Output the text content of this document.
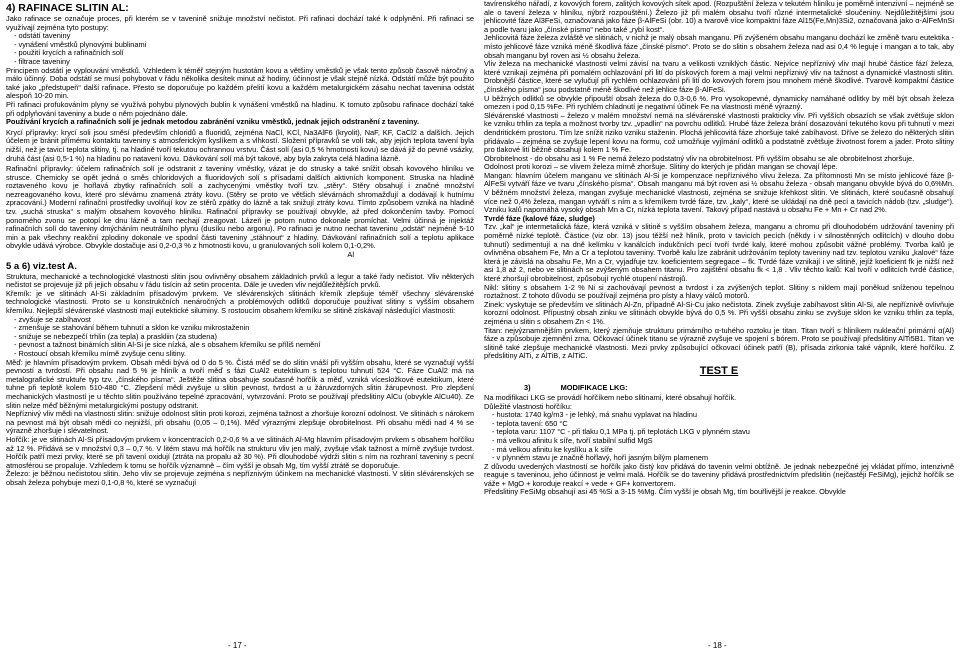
4) RAFINACE SLITIN AL:

Jako rafinace se označuje proces, při kterém se v tavenině snižuje množství nečistot. Při rafinaci dochází také k odplynění. Při rafinaci se využívají zejména tyto postupy:

- odstátí taveniny
- vynášení vměstků plynovými bublinami
- použití krycích a rafinačních solí
- filtrace taveniny

Principem odstátí je vyplouvání vměstků. Vzhledem k téměř stejným hustotám kovu a většiny vměstků je však tento způsob časově náročný a málo účinný. Doba odstátí se musí pohybovat v řádu několika desítek minut až hodiny, účinnost je však stejně nízká. Odstátí může být použito také jako „předstupeň“ další rafinace. Přesto se doporučuje po každém přelití kovu a každém metalurgickém zásahu nechat tavenina odstát alespoň 10-20 min.

Při rafinaci profukováním plyny se využívá pohybu plynových bublin k vynášení vměstků na hladinu. K tomuto způsobu rafinace dochází také při odplyňování taveniny a bude o něm pojednáno dále.

Používání krycích a rafinačních solí je jednak metodou zabránění vzniku vměstků, jednak jejich odstranění z taveniny.

Krycí přípravky: krycí soli jsou směsí především chloridů a fluoridů, zejména NaCl, KCl, Na3AlF6 (kryolit), NaF, KF, CaCl2 a dalších. Jejich účelem je bránit přímému kontaktu taveniny s atmosferickým kyslíkem a s vlhkostí. Složení přípravků se volí tak, aby jejich teplota tavení byla nižší, než je tavicí teplota slitiny, tj. na hladině tvoří tekutou ochrannou vrstvu. Část solí (asi 0,5 % hmotnosti kovu) se dává již do pevné vsázky, druhá část (asi 0,5-1 %) na hladinu po natavení kovu. Dávkování solí má být takové, aby byla zakryta celá hladina lázně.

Rafinační přípravky: účelem rafinačních solí je odstranit z taveniny vměstky, vázat je do strusky a také snížit obsah kovového hliníku ve strusce. Chemicky se opět jedná o směs chloridových a fluoridových solí s přísadami dalších aktivních komponent. Struska na hladině roztaveného kovu je hořlavá zbytky rafinačních solí a zachycenými vměstky tvoří tzv. „stěry“. Stěry obsahují i značné množství nezreagovaného kovu, které pro slévárnu znamená ztráty kovu. (Stěry se proto ve většich slévárnách shromažďují a dodávají k hutnímu zpracování.) Moderní rafinační prostředky uvolňují kov ze stěrů zpátky do lázně a tak snižují ztráty kovu. Tímto způsobem vzniká na hladině tzv. „suchá struska“ s malým obsahem kovového hliníku. Rafinační přípravky se používají obvykle, až před dokončením tavby. Pomocí ponorného zvonu se potopí ke dnu lázně a tam nechají zreagovat. Lázeň je potom nutno dokonale promíchat. Velmi účinná je injektáž rafinačních solí do taveniny dmýcháním neutrálního plynu (dusíku nebo argonu). Po rafinaci je nutno nechat taveninu „odstát“ nejméně 5-10 min a pak všechny reakční zplodiny dokonale ve spodní části taveniny „stáhnout“ z hladiny. Dávkování rafinačních solí a teplotu aplikace obvykle udává výrobce. Obvykle dostačuje asi 0,2-0,3 % z hmotnosti kovu, u granulovaných solí kolem 0,1-0,2%.

Al

5 a 6) viz.test A.

Struktura, mechanické a technologické vlastnosti slitin jsou ovlivněny obsahem základních prvků a legur a také řady nečistot. Vliv některých nečistot se projevuje již při jejich obsahu v řádu tisícin až setin procenta. Dále je uveden vliv nejdůležitějších prvků.

Křemík: je ve slitinách Al-Si základním přísadovým prvkem. Ve slévárenských slitinách křemík zlepšuje téměř všechny slévárenské technologické vlastnosti. Proto se u konstrukčních nenáročných a problémových odlitků doporučuje používat slitiny s vyšším obsahem křemíku. Nejlepší slévárenské vlastnosti mají eutektické siluminy. S rostoucím obsahem křemíku se slitině získávají následující vlastnosti:

- zvyšuje se zabíhavost
- zmenšuje se stahování během tuhnutí a sklon ke vzniku mikrostaženin
- snižuje se nebezpečí trhlin (za tepla) a praskliin (za studena)
- pevnost a tažnost binárních slitin Al-Si je sice nízká, ale s obsahem křemíku se příliš nemění
- Rostoucí obsah křemíku mírně zvyšuje cenu slitiny.

Měď: je hlavním přísadovým prvkem. Obsah mědi bývá od 0 do 5 %. Čistá měď se do slitin vnáší při vyšším obsahu, které se vyznačují vyšší pevností a tvrdostí. Při obsahu nad 5 % je hliník a tvoří měď s fázi CuAl2 eutektikum s teplotou tuhnutí 524 °C. Fáze CuAl2 má na metalografické struktuře typ tzv. „čínského písma“. Ještěže slitina obsahuje současně hořčík a měď, vzniká vícesložkové eutektikum, které tuhne při teplotě kolem 510-480 °C. Zlepšení mědi zvyšuje u slitin pevnost, tvrdost a u žáruvzdorných slitin žárupevnost. Pro zlepšení mechanických vlastností je u těchto slitin používáno tepelné zpracování, vytvrzování. Proto se používají předslitiny AlCu (obvykle AlCu40). Ze slitin nelze měď běžnými metalurgickými postupy odstranit.

Nepříznivý vliv mědi na vlastnosti slitin: snižuje odolnost slitin proti korozi, zejména tažnost a zhoršuje korozní odolnost. Ve slitinách s nárokem na pevnost má být obsah mědi co nejnižší, při obsahu (0,05 – 0,1%). Měď výraznými zlepšuje obrobitelnost. Při obsahu mědi nad 4 % se výrazně zhoršuje i slévatelnost.

Hořčík: je ve slitinách Al-Si přísadovým prvkem v koncentracích 0,2-0,6 % a ve slitinách Al-Mg hlavním přísadovým prvkem s obsahem hořčíku až 12 %. Přidává se v množství 0,3 – 0,7 %. V litém stavu má hořčík na strukturu vliv jen malý, zvyšuje však tažnost a mírně zvyšuje tvrdost. Hořčík patří mezi prvky, které se při tavení oxidují (ztráta na propalu až 30 %). Při dlouhodobé výdrži slitin s ním na rozhraní taveniny s pecní atmosférou se propaluje. Vzhledem k tomu se hořčík významně – čím vyšší je obsah Mg, tím vyšší ztrátě se doporučuje.

Železo: je běžnou nečistotou slitin. Jeho vliv se projevuje zejména s nepříznivým účinkem na mechanické vlastnosti. V slitin slévárenských se obsah železa pohybuje mezi 0,1-0,8 %, které se vyznačují

- 17 -

tavírenského nářadí, z kovových forem, zalitých kovových sítek apod. (Rozpuštění železa v tekutém hliníku je poměrně intenzivní – nejméně se ale o tavení železa v hliníku, nýbrž rozpouštění.) Železo již při malém obsahu tvoří různé intermetalické sloučeniny. Nejdůležitějšími jsou jehlicovité fáze Al3FeSi, označovaná jako fáze β-AlFeSi (obr. 10) a tvarově více kompaktní fáze Al15(Fe,Mn)3Si2, označovaná jako α-AlFeMnSi a podle tvaru jako „čínské písmo“ nebo také „rybí kost“.

Jehlicovitá fáze železa zvláště ve slitinách, v nichž je malý obsah manganu. Při zvýšeném obsahu manganu dochází ke změně tvaru eutektika - místo jehlicové fáze vzniká méně škodlivá fáze „čínské písmo“. Proto se do slitin s obsahem železa nad asi 0,4 % leguje i mangan a to tak, aby obsah manganu byl roven asi ½ obsahu železa.

Vliv železa na mechanické vlastnosti velmi závisí na tvaru a velikosti vzniklých částic. Nejvíce nepříznivý vliv mají hrubé částice fází železa, které vznikají zejména při pomalém ochlazování při lití do pískových forem a mají velmi nepříznivý vliv na tažnost a dynamické vlastnosti slitin. Drobnější částice, které se vylučují při rychlém ochlazování při lití do kovových forem jsou mnohem méně škodlivé. Tvarově kompaktní částice „čínského písma“ jsou podstatně méně škodlivé než jehlice fáze β-AlFeSi.

U běžných odlitků se obvykle připouští obsah železa do 0,3-0,6 %. Pro vysokopevné, dynamicky namáhané odlitky by měl být obsah železa omezen i pod 0,15 %Fe. Při rychlém chladnutí je negativní účinek Fe na vlastnosti méně výrazný.

Slévárenské vlastnosti – železo v malém množství nemá na slévárenské vlastnosti prakticky vliv. Při vyšších obsazích se však zvětšuje sklon ke vzniku trhlin za tepla a možnost tvorby tzv. „vpadlin“ na povrchu odlitků. Hrubé fáze železa brání dosazování tekutého kovu při tuhnutí v mezi dendritickém prostoru. Tím lze snížit riziko vzniku staženin. Plochá jehlicovitá fáze zhoršuje také zabíhavost. Dříve se železo do některých slitin přidávalo – zejména se zvyšuje lepení kovu na formu, což umožňuje vyjímání odlitků a podstatně zvětšuje životnost forem a jader. Proto slitiny pro tlakové lití běžně obsahují kolem 1 % Fe.

Obrobitelnost - do obsahu asi 1 % Fe nemá železo podstatný vliv na obrobitelnost. Při vyšším obsahu se ale obrobitelnost zhoršuje.

Odolnost proti korozi – se vlivem železa mírně zhoršuje. Slitiny do kterých je přidán mangan se chovají lépe.

Mangan: hlavním účelem manganu ve slitinách Al-Si je kompenzace nepříznivého vlivu železa. Za přítomnosti Mn se místo jehlicové fáze β-AlFeSi vytváří fáze ve tvaru „čínského písma“. Obsah manganu má být roven asi ½ obsahu železa - obsah manganu obvykle bývá do 0,6%Mn. V běžném množství železa, mangan zvyšuje mechanické vlastnosti, zejména se snižuje křehkost slitin. Ve slitinách, které současně obsahují více než 0,4% železa, mangan vytváří s ním a s křemíkem tvrdé fáze, tzv. „kaly“, které se ukládají na dně pecí a tavicích nádob (tzv. „sludge“). Vzniku kalů napomáhá vysoký obsah Mn a Cr, nízká teplota tavení. Takový případ nastává u obsahu Fe + Mn + Cr nad 2%.

Tvrdé fáze (kalové fáze, sludge)

Tzv. „kal“ je intermetalická fáze, která vzniká v slitině s vyšším obsahem železa, manganu a chromu při dlouhodobém udržování taveniny při poměrně nízké teplotě. Částice (viz obr. 13) jsou těžší než hliník, proto v tavicích pecích (někdy i v silnostěnných odlitcích) v dlouho dobu tuhnutí) sedimentují a na dně kelímku v kanálcích indukčních pecí tvoří tvrdé kaly, které mohou způsobit vážné problémy. Tvorba kalů je ovlivněna obsahem Fe, Mn a Cr a teplotou taveniny. Tvorbě kalu lze zabránit udržováním teploty taveniny nad tzv. teplotou vzniku „kalové“ fáze která je závislá na obsahu Fe, Mn a Cr, vyjadřuje tzv. koeficientem segregace – fk. Tvrdé fáze vznikají i ve slitině, jejíž koeficient fk je nižší než asi 1,8 až 2, nebo ve slitinách se zvýšeným obsahem titanu. Pro zajištění obsahu fk < 1,8 . Vliv těchto kalů: Kal tvoří v odlitcích tvrdé částice, které zhoršují obrobitelnost, způsobují rychlé otupení nástrojů.

Nikl: slitiny s obsahem 1-2 % Ni si zachovávají pevnost a tvrdost i za zvýšených teplot. Slitiny s niklem mají poněkud sníženou tepelnou roztažnost. Z tohoto důvodu se používají zejména pro písty a hlavy válců motorů.

Zinek: vyskytuje se především ve slitinách Al-Zn, případně Al-Si-Cu jako nečistota. Zinek zvyšuje zabíhavost slitin Al-Si, ale nepříznivě ovlivňuje korozní odolnost. Přípustný obsah zinku ve slitinách obvykle bývá do 0,5 %. Při vyšší obsahu zinku se zvyšuje sklon ke vzniku trhlin za tepla, zejména u slitin s obsahem Zn < 1%.

Titan: nejvýznamnějším prvkem, který zjemňuje strukturu primárního α-tuhého roztoku je titan. Titan tvoří s hliníkem nukleační primární α(Al) fáze a způsobuje zjemnění zrna. Očkovací účinek titanu se výrazně zvyšuje ve spojení s bórem. Proto se používají předslitiny AlTi5B1. Titan ve slitině také zlepšuje mechanické vlastnosti. Mezi prvky způsobující očkovací účinek patří (B), přísada zirkonia také vápník, které hořčíku. Z předslitiny AlTi, z AlTiB, z AlTiC.

TEST E
3)	MODIFIKACE LKG:

Na modifikaci LKG se provádí hořčíkem nebo slitinami, které obsahují hořčík.

Důležité vlastnosti hořčíku:

- hustota: 1740 kg/m3 - je lehký, má snahu vyplavat na hladinu
- teplota tavení: 650 °C
- teplota varu: 1107 °C - při tlaku 0,1 MPa tj. při teplotách LKG v plynném stavu
- má velkou afinitu k síře, tvoří stabilní sulfid MgS
- má velkou afinitu ke kyslíku a k síře
- v plynném stavu je značně hořlavý, hoří jasným bílým plamenem

Z důvodu uvedených vlastností se hořčík jako čistý kov přidává do tavenin velmi obtížně. Je jednak nebezpečné jej vkládat přímo, intenzivně reaguje s taveninou, jeho účinnost je velmi malá. Hořčík se do taveniny přidává prostřednictvím předslitin (nejčastěji FeSiMg), jejichž hořčík se váže + MgO + koroduje reakcí + vede + GF+ konvertorem.

Předslitiny FeSiMg obsahují asi 45 %Si a 3-15 %Mg. Čím vyšší je obsah Mg, tím bouřlivější je reakce. Obvykle

- 18 -
